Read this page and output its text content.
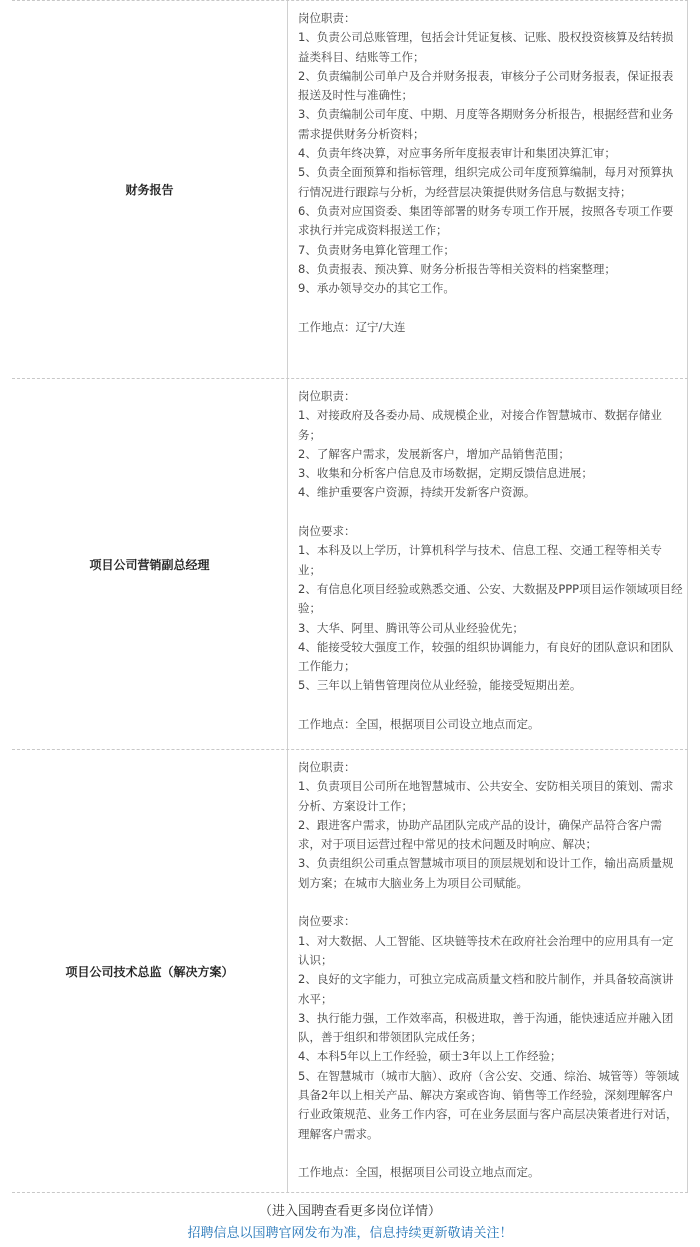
财务报告
岗位职责：
1、负责公司总账管理，包括会计凭证复核、记账、股权投资核算及结转损益类科目、结账等工作；
2、负责编制公司单户及合并财务报表，审核分子公司财务报表，保证报表报送及时性与准确性；
3、负责编制公司年度、中期、月度等各期财务分析报告，根据经营和业务需求提供财务分析资料；
4、负责年终决算，对应事务所年度报表审计和集团决算汇审；
5、负责全面预算和指标管理，组织完成公司年度预算编制，每月对预算执行情况进行跟踪与分析，为经营层决策提供财务信息与数据支持；
6、负责对应国资委、集团等部署的财务专项工作开展，按照各专项工作要求执行并完成资料报送工作；
7、负责财务电算化管理工作；
8、负责报表、预决算、财务分析报告等相关资料的档案整理；
9、承办领导交办的其它工作。
工作地点：辽宁/大连
项目公司营销副总经理
岗位职责：
1、对接政府及各委办局、成规模企业，对接合作智慧城市、数据存储业务；
2、了解客户需求，发展新客户，增加产品销售范围；
3、收集和分析客户信息及市场数据，定期反馈信息进展；
4、维护重要客户资源，持续开发新客户资源。
岗位要求：
1、本科及以上学历，计算机科学与技术、信息工程、交通工程等相关专业；
2、有信息化项目经验或熟悉交通、公安、大数据及PPP项目运作领域项目经验；
3、大华、阿里、腾讯等公司从业经验优先；
4、能接受较大强度工作，较强的组织协调能力，有良好的团队意识和团队工作能力；
5、三年以上销售管理岗位从业经验，能接受短期出差。
工作地点：全国，根据项目公司设立地点而定。
项目公司技术总监（解决方案）
岗位职责：
1、负责项目公司所在地智慧城市、公共安全、安防相关项目的策划、需求分析、方案设计工作；
2、跟进客户需求，协助产品团队完成产品的设计，确保产品符合客户需求，对于项目运营过程中常见的技术问题及时响应、解决；
3、负责组织公司重点智慧城市项目的顶层规划和设计工作，输出高质量规划方案；在城市大脑业务上为项目公司赋能。
岗位要求：
1、对大数据、人工智能、区块链等技术在政府社会治理中的应用具有一定认识；
2、良好的文字能力，可独立完成高质量文档和胶片制作，并具备较高演讲水平；
3、执行能力强，工作效率高，积极进取，善于沟通，能快速适应并融入团队，善于组织和带领团队完成任务；
4、本科5年以上工作经验，硕士3年以上工作经验；
5、在智慧城市（城市大脑）、政府（含公安、交通、综治、城管等）等领域具备2年以上相关产品、解决方案或咨询、销售等工作经验，深刻理解客户行业政策规范、业务工作内容，可在业务层面与客户高层决策者进行对话，理解客户需求。
工作地点：全国，根据项目公司设立地点而定。
（进入国聘查看更多岗位详情）
招聘信息以国聘官网发布为准，信息持续更新敬请关注！
